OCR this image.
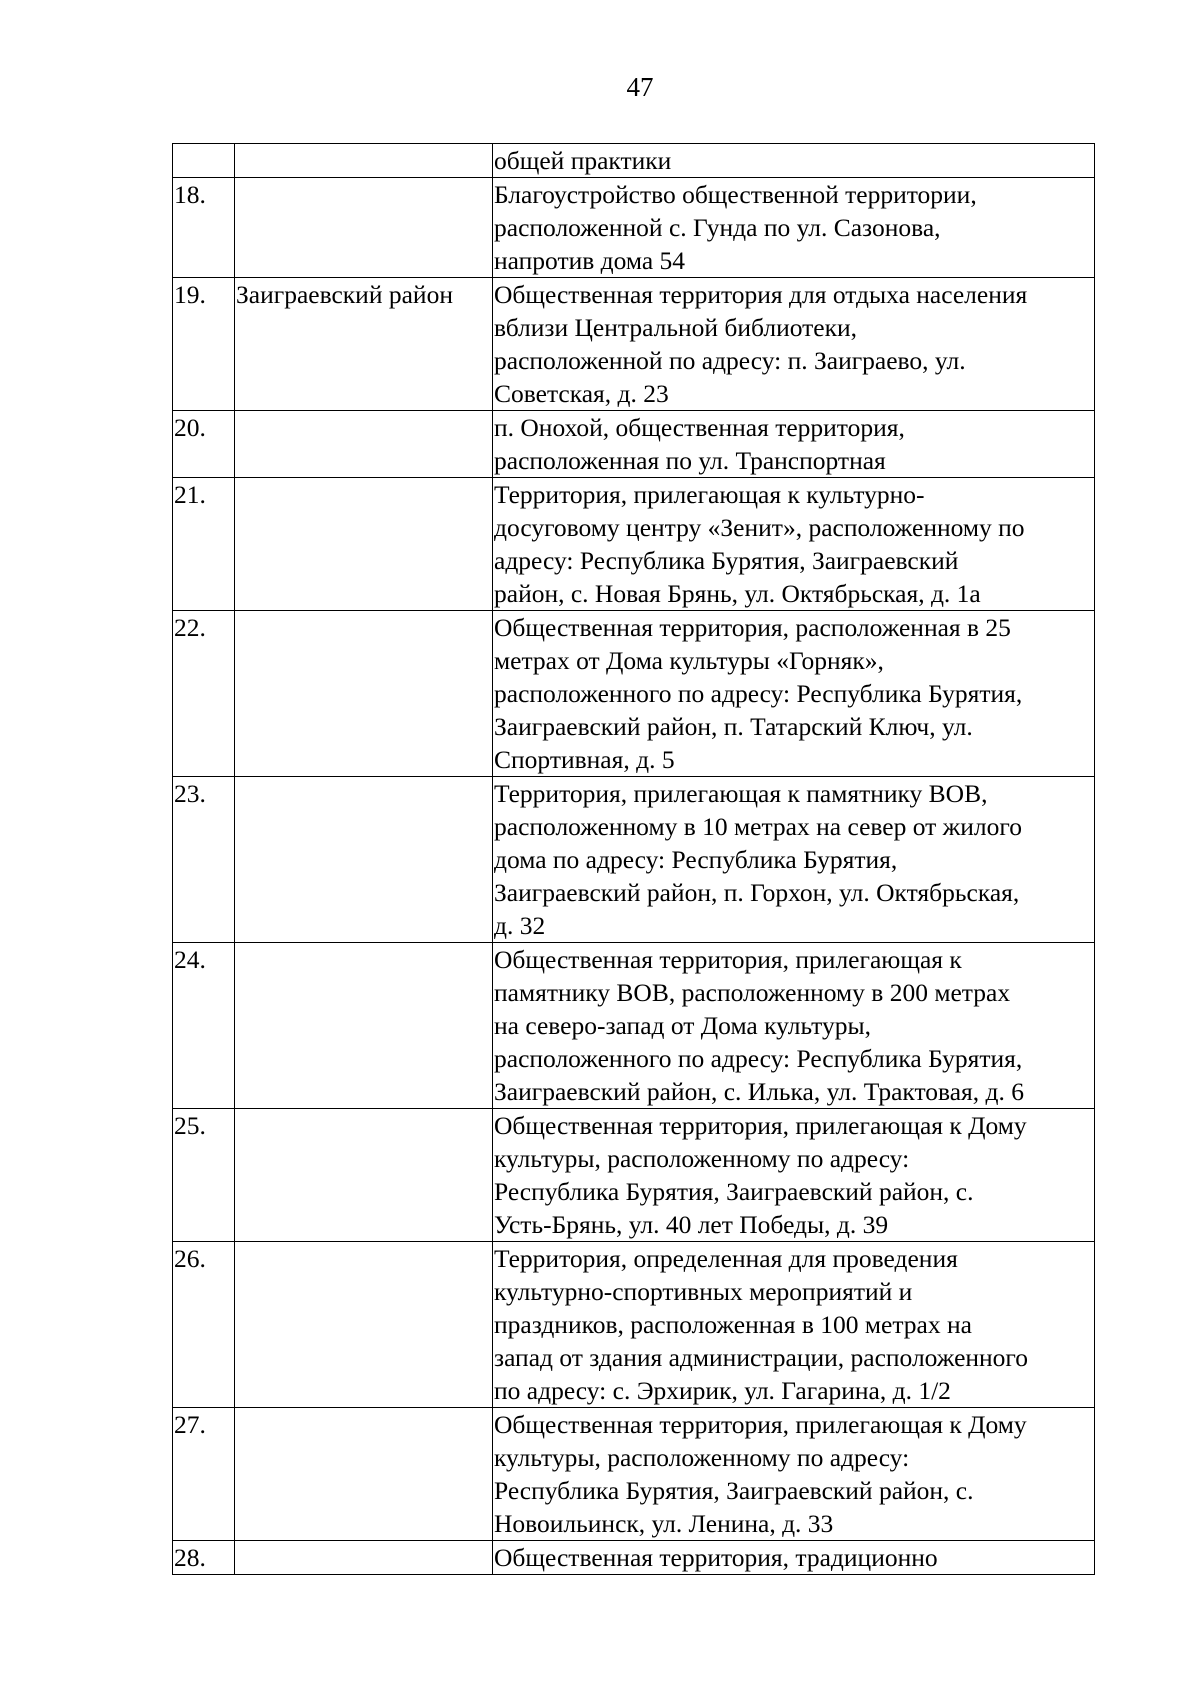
47

		общей практики

18.		Благоустройство общественной территории,
расположенной с. Гунда по ул. Сазонова,
напротив дома 54

19.	Заиграевский район	Общественная территория для отдыха населения
вблизи Центральной библиотеки,
расположенной по адресу: п. Заиграево, ул.
Советская, д. 23

20.		п. Онохой, общественная территория,
расположенная по ул. Транспортная

21.		Территория, прилегающая к культурно-
досуговому центру «Зенит», расположенному по
адресу: Республика Бурятия, Заиграевский
район, с. Новая Брянь, ул. Октябрьская, д. 1а

22.		Общественная территория, расположенная в 25
метрах от Дома культуры «Горняк»,
расположенного по адресу: Республика Бурятия,
Заиграевский район, п. Татарский Ключ, ул.
Спортивная, д. 5

23.		Территория, прилегающая к памятнику ВОВ,
расположенному в 10 метрах на север от жилого
дома по адресу: Республика Бурятия,
Заиграевский район, п. Горхон, ул. Октябрьская,
д. 32

24.		Общественная территория, прилегающая к
памятнику ВОВ, расположенному в 200 метрах
на северо-запад от Дома культуры,
расположенного по адресу: Республика Бурятия,
Заиграевский район, с. Илька, ул. Трактовая, д. 6

25.		Общественная территория, прилегающая к Дому
культуры, расположенному по адресу:
Республика Бурятия, Заиграевский район, с.
Усть-Брянь, ул. 40 лет Победы, д. 39

26.		Территория, определенная для проведения
культурно-спортивных мероприятий и
праздников, расположенная в 100 метрах на
запад от здания администрации, расположенного
по адресу: с. Эрхирик, ул. Гагарина, д. 1/2

27.		Общественная территория, прилегающая к Дому
культуры, расположенному по адресу:
Республика Бурятия, Заиграевский район, с.
Новоильинск, ул. Ленина, д. 33

28.		Общественная территория, традиционно
